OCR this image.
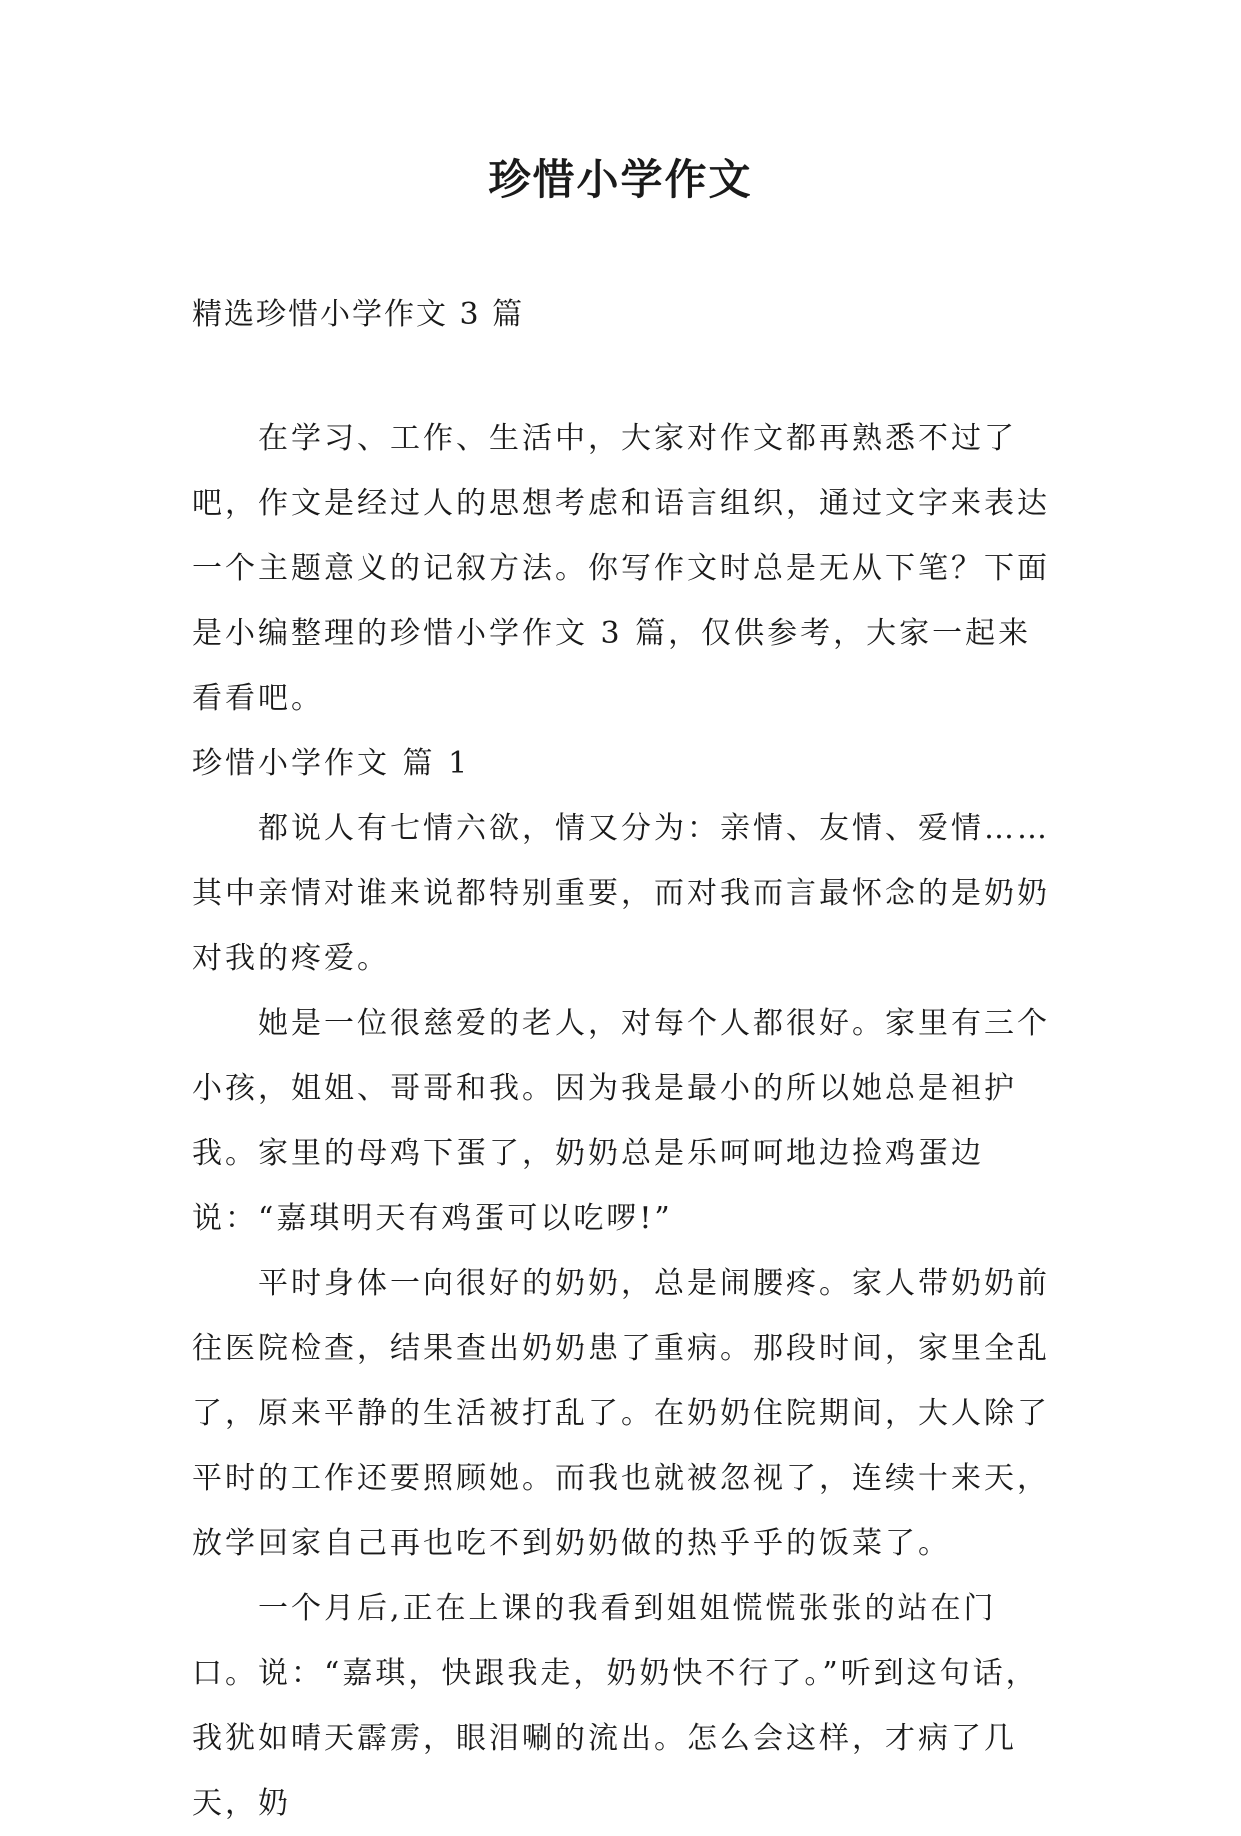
珍惜小学作文
精选珍惜小学作文 3 篇

在学习、工作、生活中，大家对作文都再熟悉不过了吧，作文是经过人的思想考虑和语言组织，通过文字来表达一个主题意义的记叙方法。你写作文时总是无从下笔？下面是小编整理的珍惜小学作文 3 篇，仅供参考，大家一起来看看吧。

珍惜小学作文 篇 1

都说人有七情六欲，情又分为：亲情、友情、爱情……其中亲情对谁来说都特别重要，而对我而言最怀念的是奶奶对我的疼爱。

她是一位很慈爱的老人，对每个人都很好。家里有三个小孩，姐姐、哥哥和我。因为我是最小的所以她总是袒护我。家里的母鸡下蛋了，奶奶总是乐呵呵地边捡鸡蛋边说：“嘉琪明天有鸡蛋可以吃啰!”

平时身体一向很好的奶奶，总是闹腰疼。家人带奶奶前往医院检查，结果查出奶奶患了重病。那段时间，家里全乱了，原来平静的生活被打乱了。在奶奶住院期间，大人除了平时的工作还要照顾她。而我也就被忽视了，连续十来天，放学回家自己再也吃不到奶奶做的热乎乎的饭菜了。

一个月后,正在上课的我看到姐姐慌慌张张的站在门口。说：“嘉琪，快跟我走，奶奶快不行了。”听到这句话，我犹如晴天霹雳，眼泪唰的流出。怎么会这样，才病了几天，奶
